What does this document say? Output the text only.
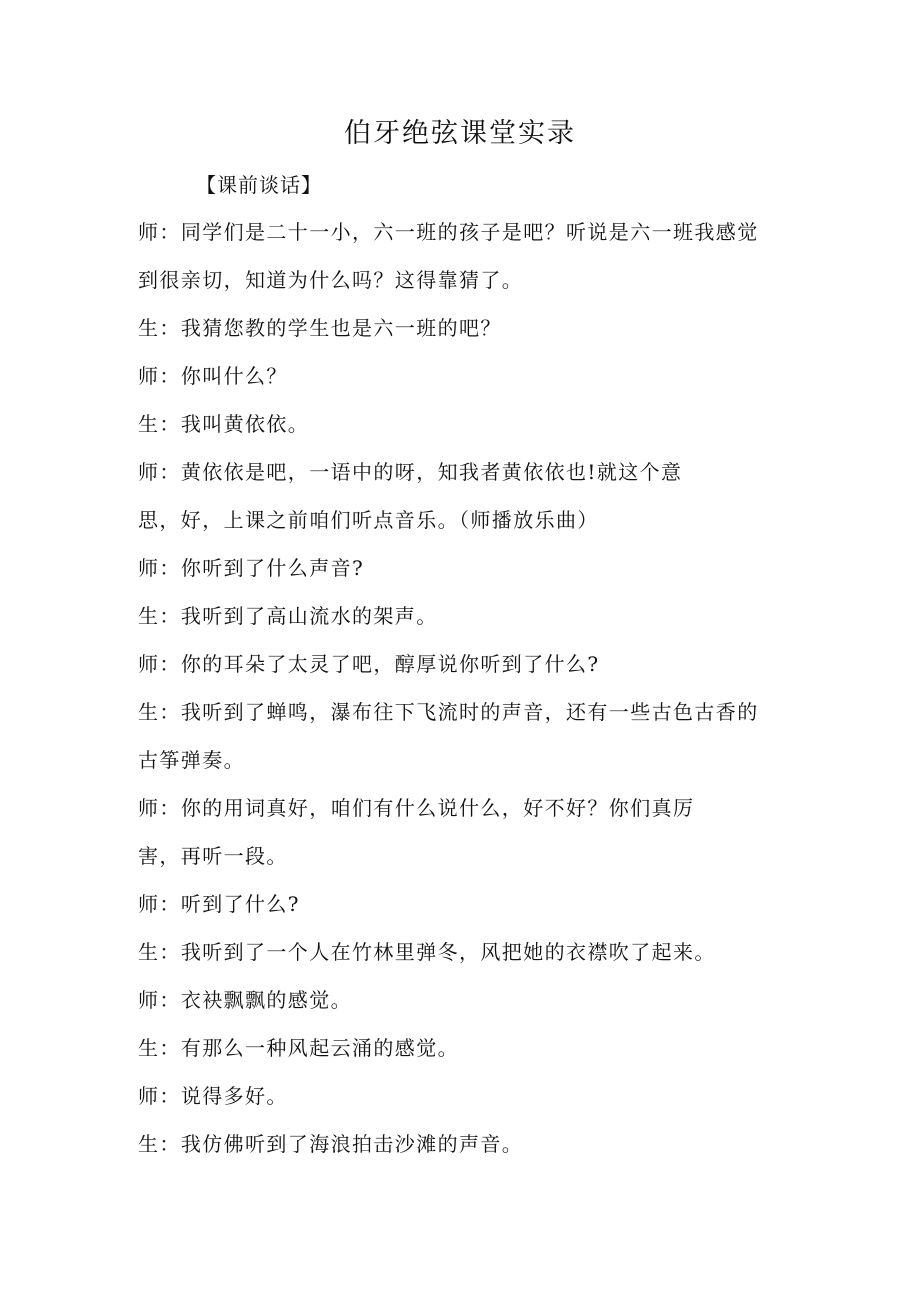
伯牙绝弦课堂实录
【课前谈话】
师：同学们是二十一小，六一班的孩子是吧？听说是六一班我感觉
到很亲切，知道为什么吗？这得靠猜了。
生：我猜您教的学生也是六一班的吧？
师：你叫什么？
生：我叫黄依依。
师：黄依依是吧，一语中的呀，知我者黄依依也!就这个意
思，好，上课之前咱们听点音乐。（师播放乐曲）
师：你听到了什么声音?
生：我听到了高山流水的架声。
师：你的耳朵了太灵了吧，醇厚说你听到了什么?
生：我听到了蝉鸣，瀑布往下飞流时的声音，还有一些古色古香的
古筝弹奏。
师：你的用词真好，咱们有什么说什么，好不好？你们真厉
害，再听一段。
师：听到了什么?
生：我听到了一个人在竹林里弹冬，风把她的衣襟吹了起来。
师：衣袂飘飘的感觉。
生：有那么一种风起云涌的感觉。
师：说得多好。
生：我仿佛听到了海浪拍击沙滩的声音。
